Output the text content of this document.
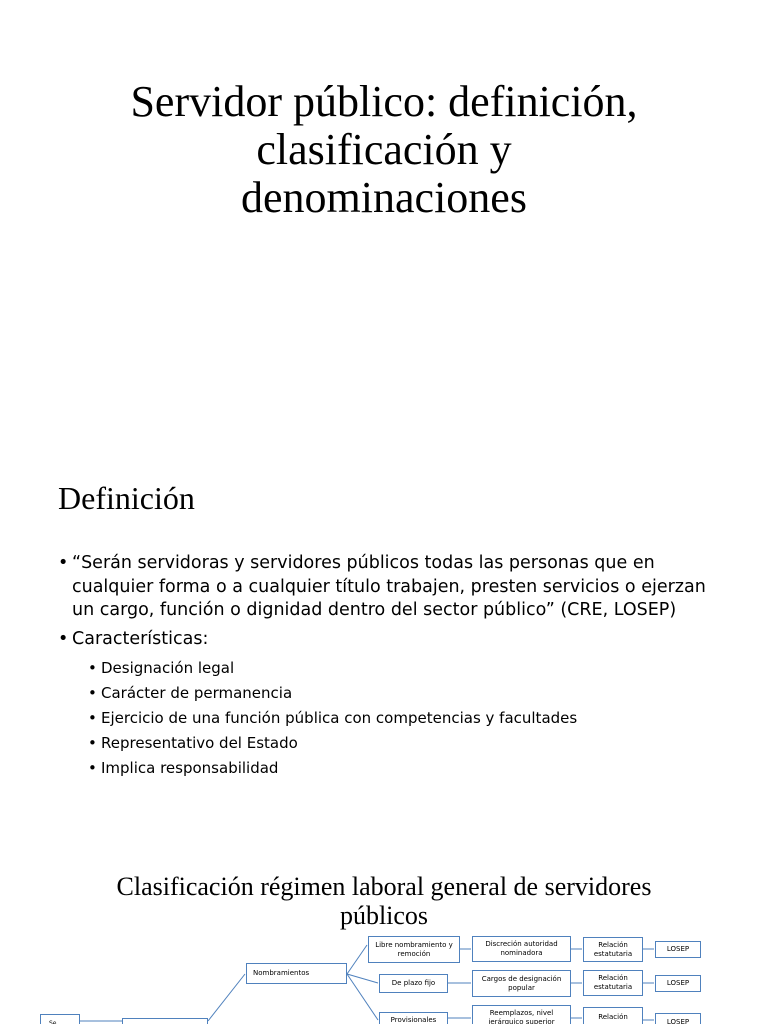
Servidor público: definición,
clasificación y
denominaciones
Definición
• “Serán servidoras y servidores públicos todas las personas que en cualquier forma o a cualquier título trabajen, presten servicios o ejerzan un cargo, función o dignidad dentro del sector público” (CRE, LOSEP)
• Características:
• Designación legal
• Carácter de permanencia
• Ejercicio de una función pública con competencias y facultades
• Representativo del Estado
• Implica responsabilidad
Clasificación régimen laboral general de servidores
públicos
Nombramientos
Libre nombramiento y
remoción
De plazo fijo
Provisionales
Discreción autoridad
nominadora
Cargos de designación
popular
Reemplazos, nivel
jerárquico superior
Relación
estatutaria
Relación
estatutaria
Relación
LOSEP
LOSEP
LOSEP
Se
